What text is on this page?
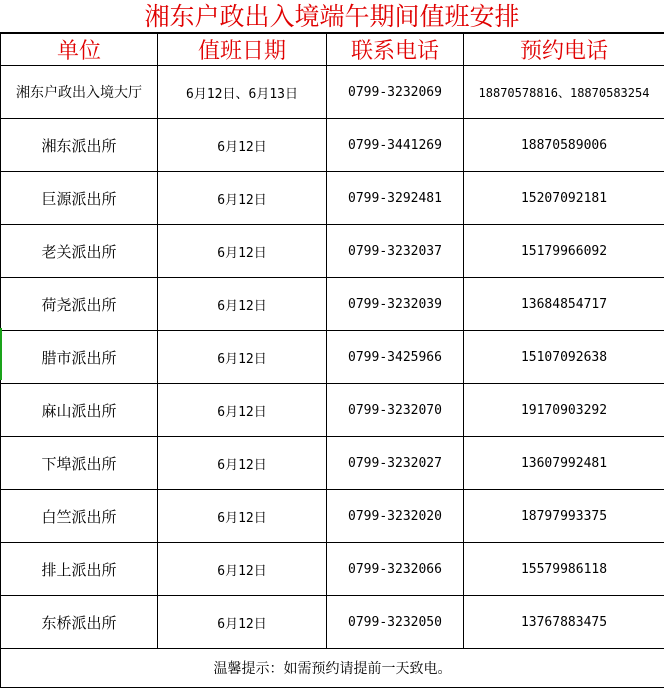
湘东户政出入境端午期间值班安排
单位	值班日期	联系电话	预约电话
湘东户政出入境大厅	6月12日、6月13日	0799-3232069	18870578816、18870583254
湘东派出所	6月12日	0799-3441269	18870589006
巨源派出所	6月12日	0799-3292481	15207092181
老关派出所	6月12日	0799-3232037	15179966092
荷尧派出所	6月12日	0799-3232039	13684854717
腊市派出所	6月12日	0799-3425966	15107092638
麻山派出所	6月12日	0799-3232070	19170903292
下埠派出所	6月12日	0799-3232027	13607992481
白竺派出所	6月12日	0799-3232020	18797993375
排上派出所	6月12日	0799-3232066	15579986118
东桥派出所	6月12日	0799-3232050	13767883475
温馨提示：如需预约请提前一天致电。			
